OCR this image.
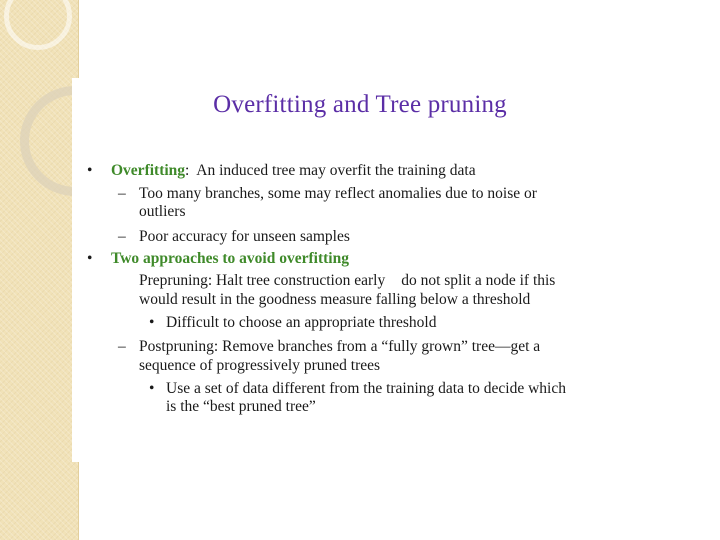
Overfitting and Tree pruning
• Overfitting: An induced tree may overfit the training data
– Too many branches, some may reflect anomalies due to noise or
outliers
– Poor accuracy for unseen samples
• Two approaches to avoid overfitting
Prepruning: Halt tree construction early do not split a node if this
would result in the goodness measure falling below a threshold
• Difficult to choose an appropriate threshold
– Postpruning: Remove branches from a “fully grown” tree—get a
sequence of progressively pruned trees
• Use a set of data different from the training data to decide which
is the “best pruned tree”
